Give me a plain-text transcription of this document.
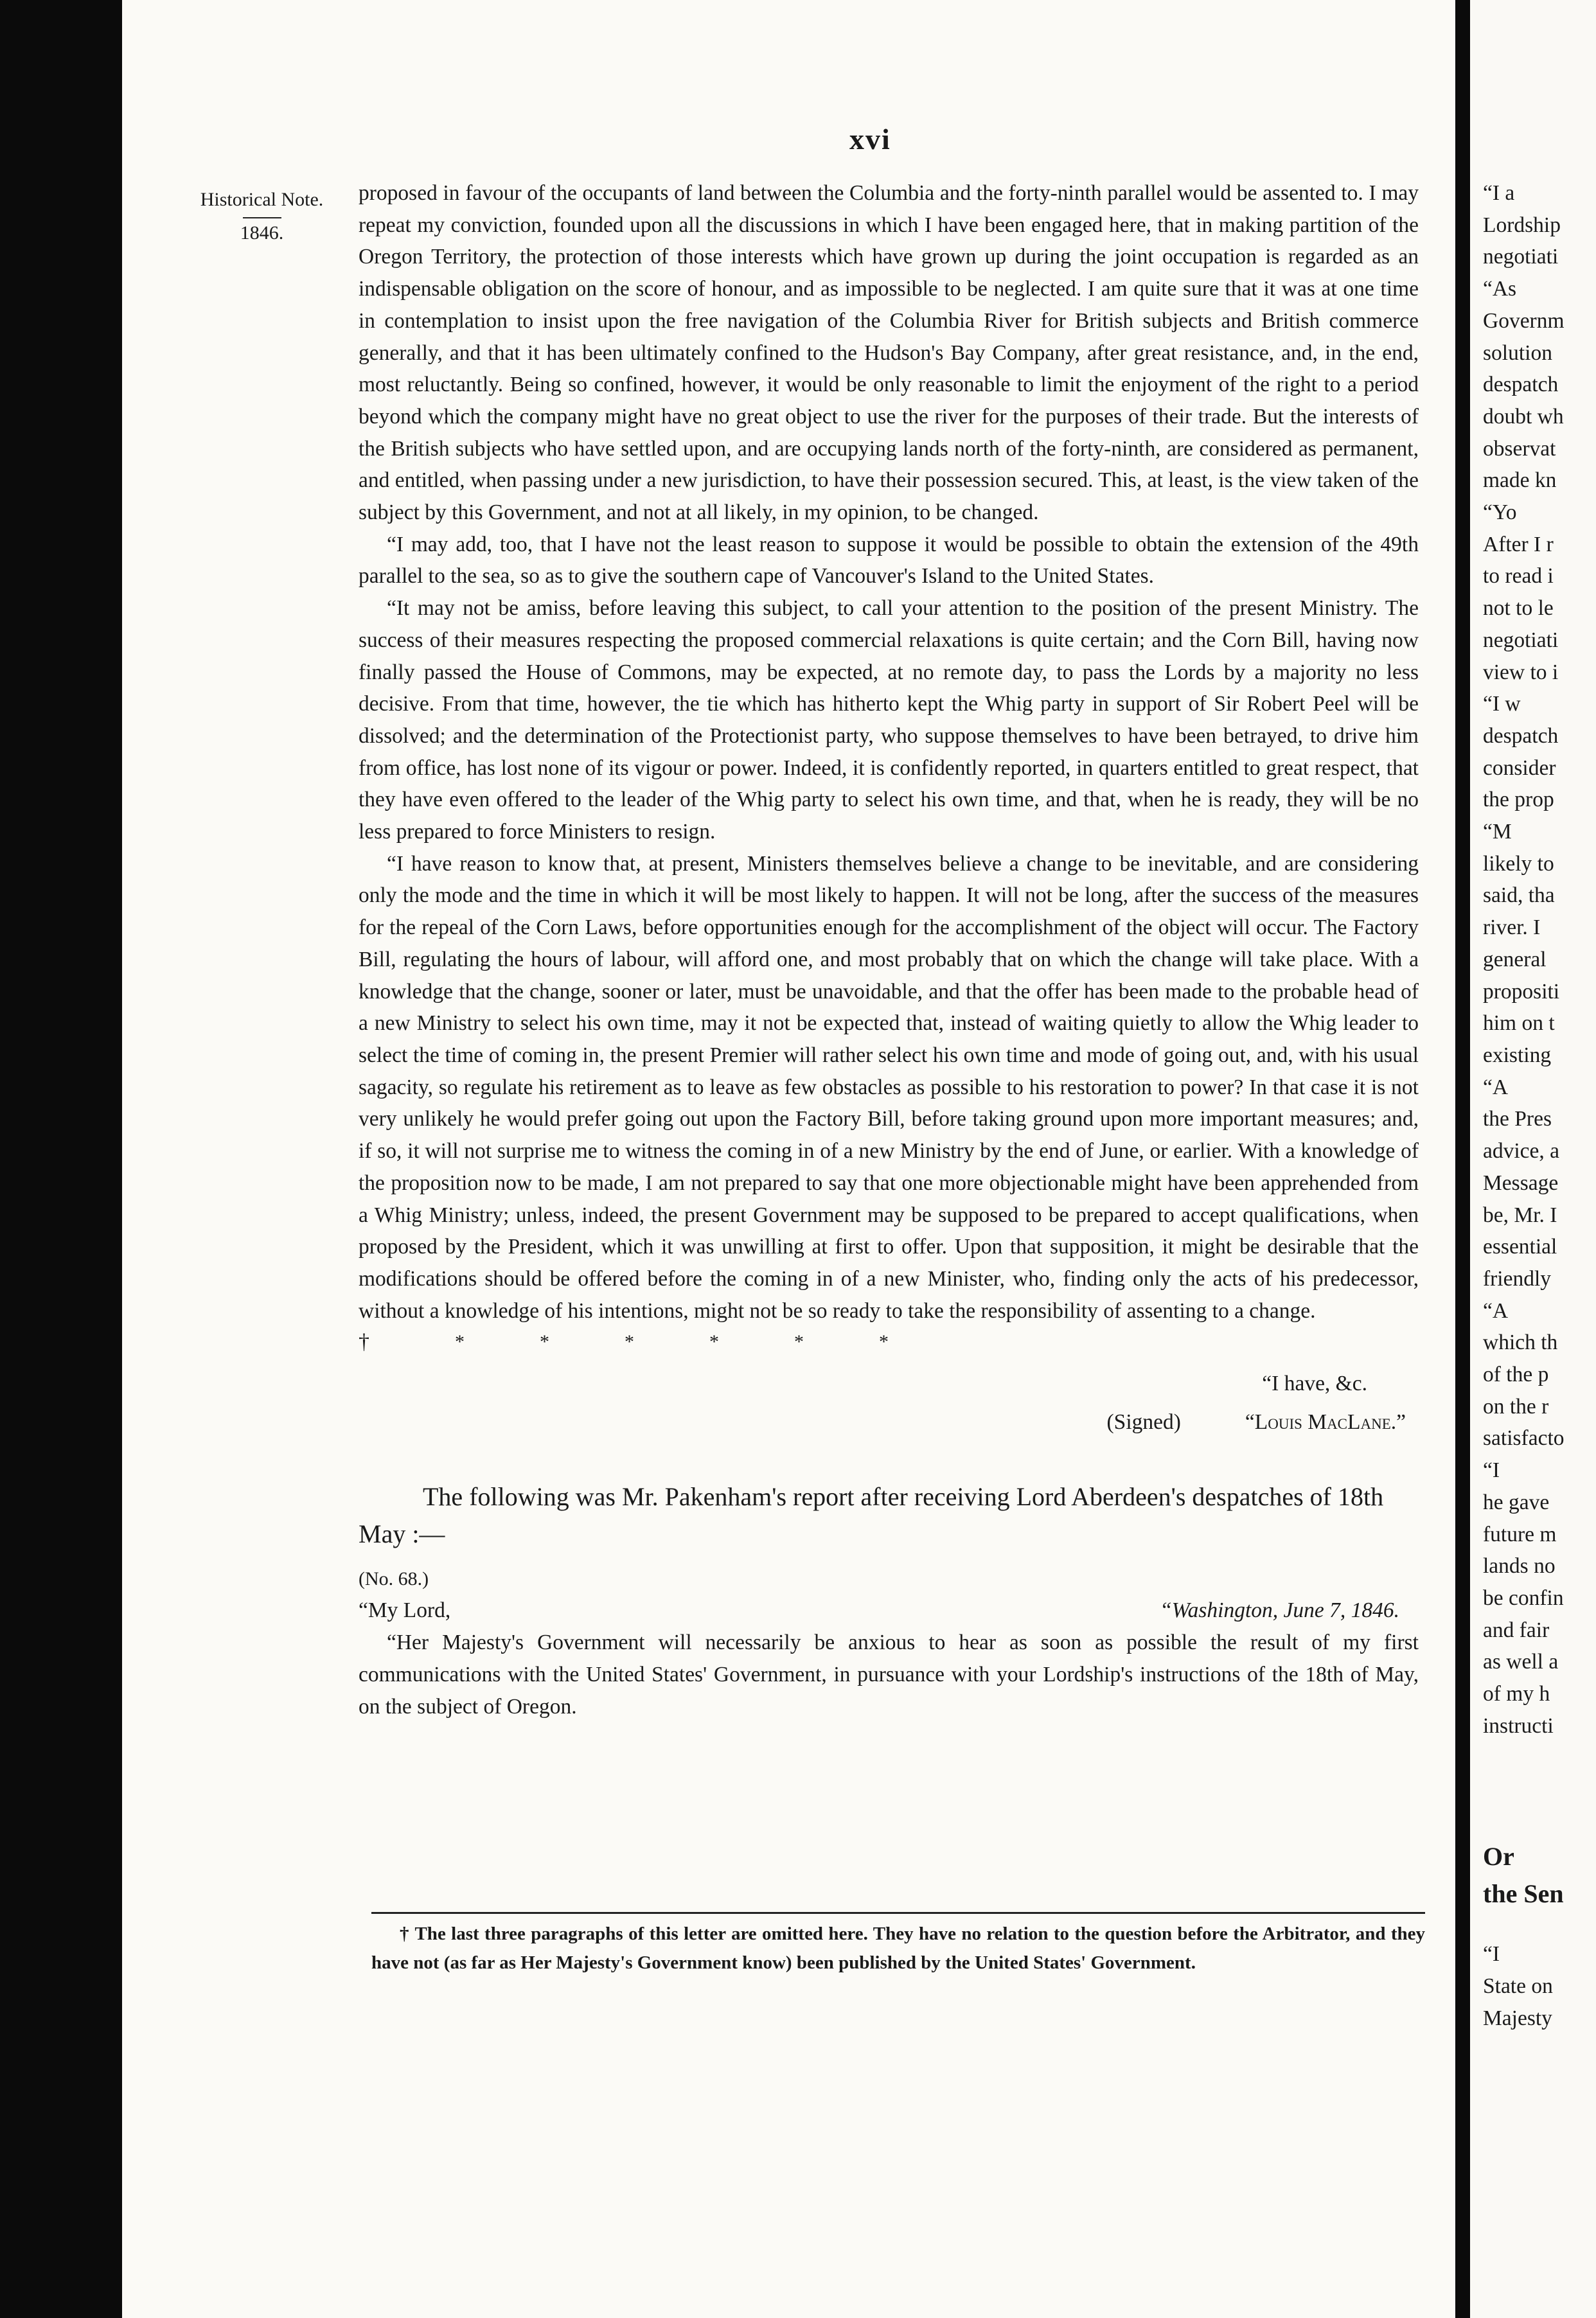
“I a
Lordship
negotiati
“As
Governm
solution
despatch
doubt wh
observat
made kn
“Yo
After I r
to read i
not to le
negotiati
view to i
“I w
despatch
consider
the prop
“M
likely to
said, tha
river. I
general
propositi
him on t
existing
“A
the Pres
advice, a
Message
be, Mr. I
essential
friendly
“A
which th
of the p
on the r
satisfacto
“I
he gave
future m
lands no
be confin
and fair
as well a
of my h
instructi
Or
the Sen
“I
State on
Majesty
xvi
Historical Note.
1846.

proposed in favour of the occupants of land between the Columbia and the forty-ninth parallel would be assented to. I may repeat my conviction, founded upon all the discussions in which I have been engaged here, that in making partition of the Oregon Territory, the protection of those interests which have grown up during the joint occupation is regarded as an indispensable obligation on the score of honour, and as impossible to be neglected. I am quite sure that it was at one time in contemplation to insist upon the free navigation of the Columbia River for British subjects and British commerce generally, and that it has been ultimately confined to the Hudson's Bay Company, after great resistance, and, in the end, most reluctantly. Being so confined, however, it would be only reasonable to limit the enjoyment of the right to a period beyond which the company might have no great object to use the river for the purposes of their trade. But the interests of the British subjects who have settled upon, and are occupying lands north of the forty-ninth, are considered as permanent, and entitled, when passing under a new jurisdiction, to have their possession secured. This, at least, is the view taken of the subject by this Government, and not at all likely, in my opinion, to be changed.

“I may add, too, that I have not the least reason to suppose it would be possible to obtain the extension of the 49th parallel to the sea, so as to give the southern cape of Vancouver's Island to the United States.

“It may not be amiss, before leaving this subject, to call your attention to the position of the present Ministry. The success of their measures respecting the proposed commercial relaxations is quite certain; and the Corn Bill, having now finally passed the House of Commons, may be expected, at no remote day, to pass the Lords by a majority no less decisive. From that time, however, the tie which has hitherto kept the Whig party in support of Sir Robert Peel will be dissolved; and the determination of the Protectionist party, who suppose themselves to have been betrayed, to drive him from office, has lost none of its vigour or power. Indeed, it is confidently reported, in quarters entitled to great respect, that they have even offered to the leader of the Whig party to select his own time, and that, when he is ready, they will be no less prepared to force Ministers to resign.

“I have reason to know that, at present, Ministers themselves believe a change to be inevitable, and are considering only the mode and the time in which it will be most likely to happen. It will not be long, after the success of the measures for the repeal of the Corn Laws, before opportunities enough for the accomplishment of the object will occur. The Factory Bill, regulating the hours of labour, will afford one, and most probably that on which the change will take place. With a knowledge that the change, sooner or later, must be unavoidable, and that the offer has been made to the probable head of a new Ministry to select his own time, may it not be expected that, instead of waiting quietly to allow the Whig leader to select the time of coming in, the present Premier will rather select his own time and mode of going out, and, with his usual sagacity, so regulate his retirement as to leave as few obstacles as possible to his restoration to power? In that case it is not very unlikely he would prefer going out upon the Factory Bill, before taking ground upon more important measures; and, if so, it will not surprise me to witness the coming in of a new Ministry by the end of June, or earlier. With a knowledge of the proposition now to be made, I am not prepared to say that one more objectionable might have been apprehended from a Whig Ministry; unless, indeed, the present Government may be supposed to be prepared to accept qualifications, when proposed by the President, which it was unwilling at first to offer. Upon that supposition, it might be desirable that the modifications should be offered before the coming in of a new Minister, who, finding only the acts of his predecessor, without a knowledge of his intentions, might not be so ready to take the responsibility of assenting to a change.

†	*	*	*	*	*	*
“I have, &c.
(Signed)	“Louis MacLane.”
The following was Mr. Pakenham's report after receiving Lord Aberdeen's despatches of 18th May :—
(No. 68.)
“My Lord,	“Washington, June 7, 1846.

“Her Majesty's Government will necessarily be anxious to hear as soon as possible the result of my first communications with the United States' Government, in pursuance with your Lordship's instructions of the 18th of May, on the subject of Oregon.

† The last three paragraphs of this letter are omitted here. They have no relation to the question before the Arbitrator, and they have not (as far as Her Majesty's Government know) been published by the United States' Government.
